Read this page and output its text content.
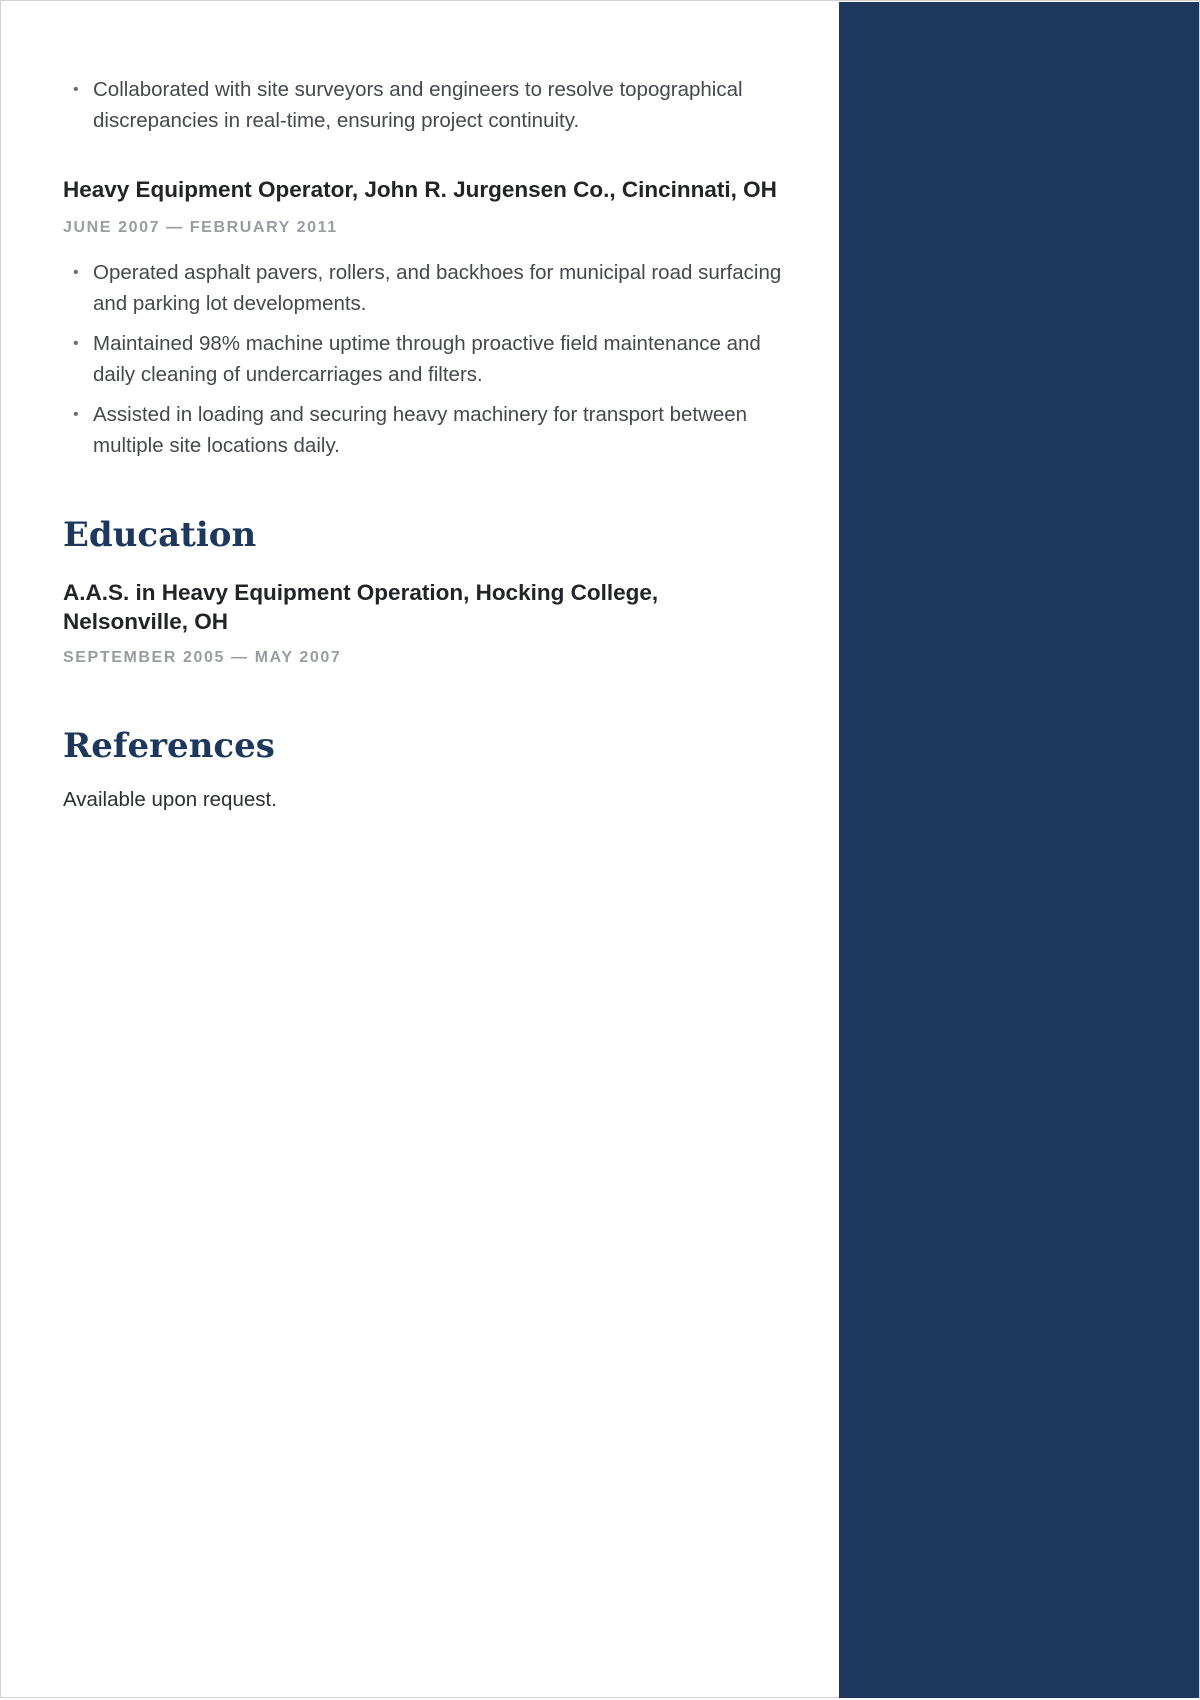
• Collaborated with site surveyors and engineers to resolve topographical discrepancies in real-time, ensuring project continuity.
Heavy Equipment Operator, John R. Jurgensen Co., Cincinnati, OH
JUNE 2007 — FEBRUARY 2011
• Operated asphalt pavers, rollers, and backhoes for municipal road surfacing and parking lot developments.
• Maintained 98% machine uptime through proactive field maintenance and daily cleaning of undercarriages and filters.
• Assisted in loading and securing heavy machinery for transport between multiple site locations daily.
Education
A.A.S. in Heavy Equipment Operation, Hocking College, Nelsonville, OH
SEPTEMBER 2005 — MAY 2007
References
Available upon request.
